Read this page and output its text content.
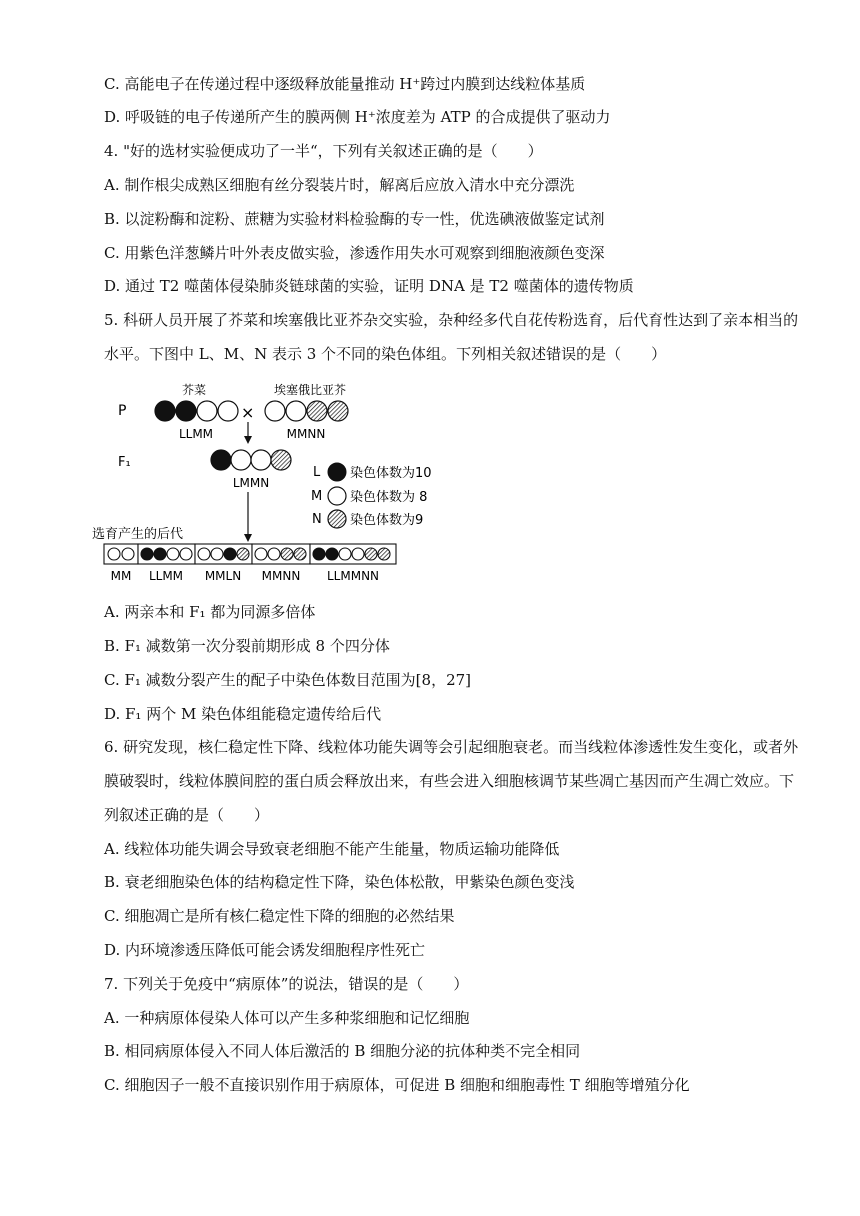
C. 高能电子在传递过程中逐级释放能量推动 H⁺跨过内膜到达线粒体基质
D. 呼吸链的电子传递所产生的膜两侧 H⁺浓度差为 ATP 的合成提供了驱动力
4. "好的选材实验便成功了一半“，下列有关叙述正确的是（　　）
A. 制作根尖成熟区细胞有丝分裂装片时，解离后应放入清水中充分漂洗
B. 以淀粉酶和淀粉、蔗糖为实验材料检验酶的专一性，优选碘液做鉴定试剂
C. 用紫色洋葱鳞片叶外表皮做实验，渗透作用失水可观察到细胞液颜色变深
D. 通过 T2 噬菌体侵染肺炎链球菌的实验，证明 DNA 是 T2 噬菌体的遗传物质
5. 科研人员开展了芥菜和埃塞俄比亚芥杂交实验，杂种经多代自花传粉选育，后代育性达到了亲本相当的
水平。下图中 L、M、N 表示 3 个不同的染色体组。下列相关叙述错误的是（　　）
P
F₁
芥菜	埃塞俄比亚芥
×
LLMM	MMNN
LMMN
L 染色体数为10
M 染色体数为 8
N 染色体数为9
选育产生的后代
MM LLMM MMLN MMNN LLMMNN
A. 两亲本和 F₁ 都为同源多倍体
B. F₁ 减数第一次分裂前期形成 8 个四分体
C. F₁ 减数分裂产生的配子中染色体数目范围为[8，27]
D. F₁ 两个 M 染色体组能稳定遗传给后代
6. 研究发现，核仁稳定性下降、线粒体功能失调等会引起细胞衰老。而当线粒体渗透性发生变化，或者外
膜破裂时，线粒体膜间腔的蛋白质会释放出来，有些会进入细胞核调节某些凋亡基因而产生凋亡效应。下
列叙述正确的是（　　）
A. 线粒体功能失调会导致衰老细胞不能产生能量，物质运输功能降低
B. 衰老细胞染色体的结构稳定性下降，染色体松散，甲紫染色颜色变浅
C. 细胞凋亡是所有核仁稳定性下降的细胞的必然结果
D. 内环境渗透压降低可能会诱发细胞程序性死亡
7. 下列关于免疫中“病原体”的说法，错误的是（　　）
A. 一种病原体侵染人体可以产生多种浆细胞和记忆细胞
B. 相同病原体侵入不同人体后激活的 B 细胞分泌的抗体种类不完全相同
C. 细胞因子一般不直接识别作用于病原体，可促进 B 细胞和细胞毒性 T 细胞等增殖分化
